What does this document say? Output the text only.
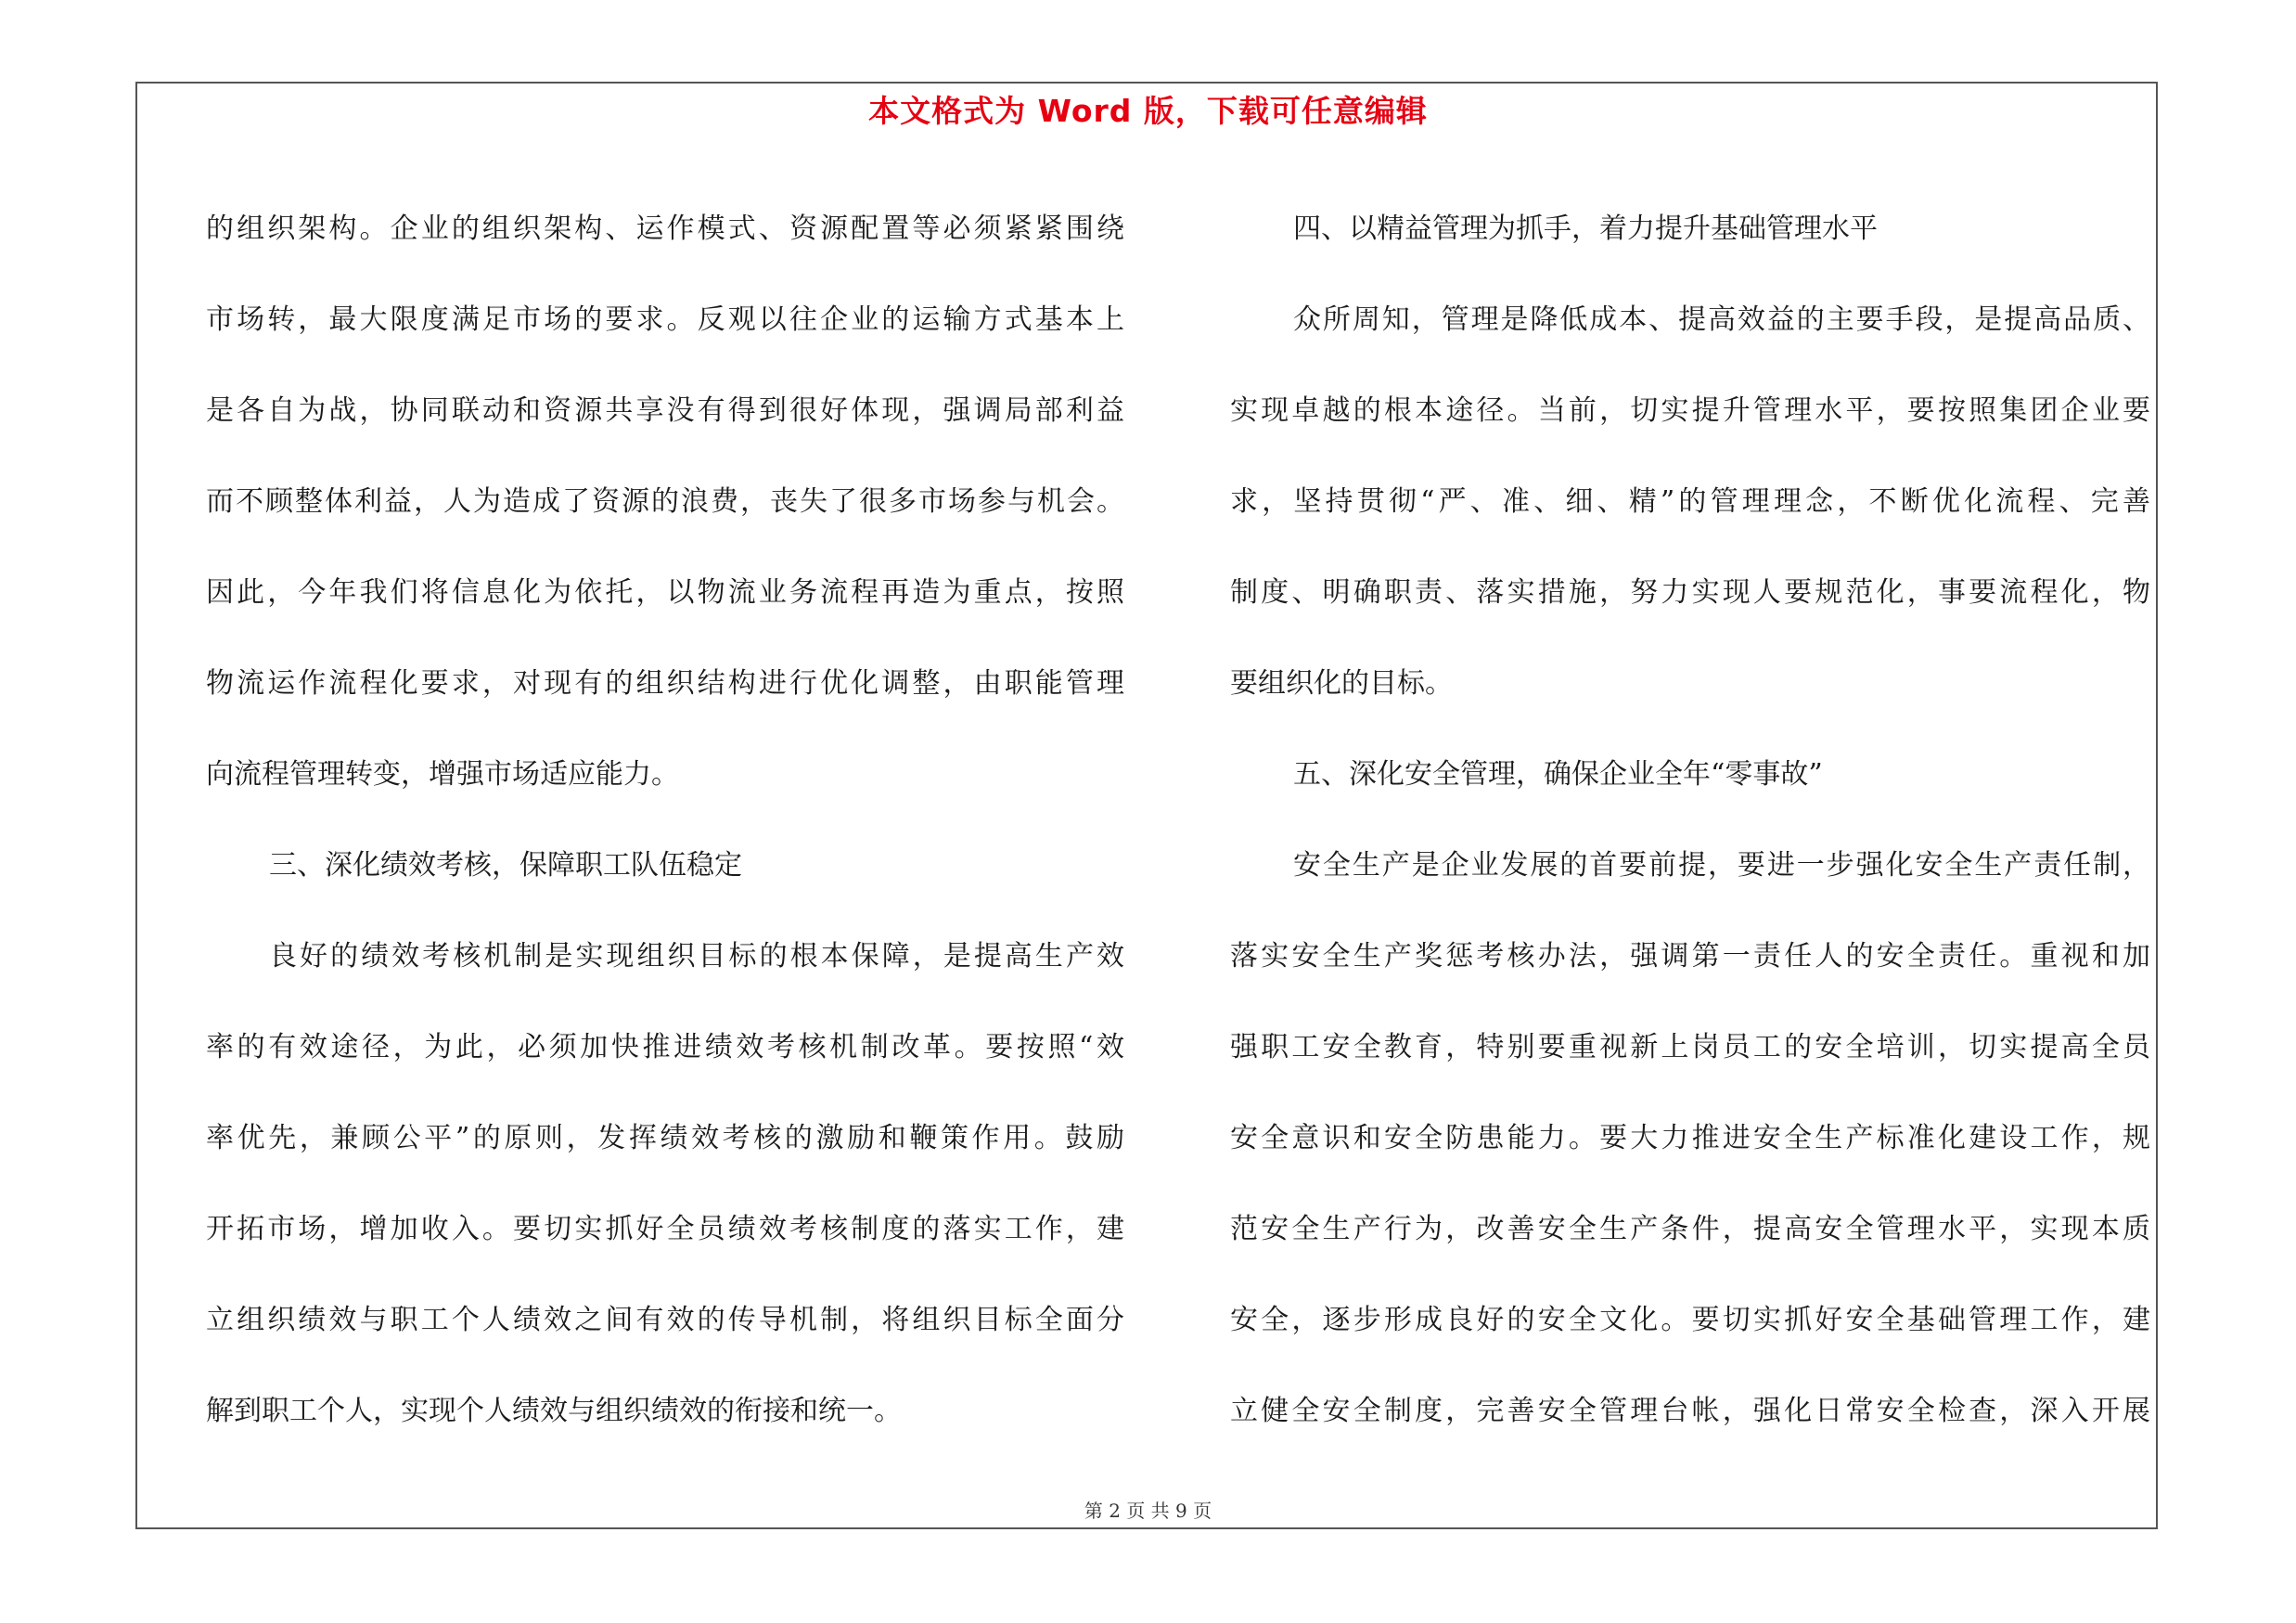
本文格式为 Word 版，下载可任意编辑
的组织架构。企业的组织架构、运作模式、资源配置等必须紧紧围绕
市场转，最大限度满足市场的要求。反观以往企业的运输方式基本上
是各自为战，协同联动和资源共享没有得到很好体现，强调局部利益
而不顾整体利益，人为造成了资源的浪费，丧失了很多市场参与机会。
因此，今年我们将信息化为依托，以物流业务流程再造为重点，按照
物流运作流程化要求，对现有的组织结构进行优化调整，由职能管理
向流程管理转变，增强市场适应能力。
三、深化绩效考核，保障职工队伍稳定
良好的绩效考核机制是实现组织目标的根本保障，是提高生产效
率的有效途径，为此，必须加快推进绩效考核机制改革。要按照“效
率优先，兼顾公平”的原则，发挥绩效考核的激励和鞭策作用。鼓励
开拓市场，增加收入。要切实抓好全员绩效考核制度的落实工作，建
立组织绩效与职工个人绩效之间有效的传导机制，将组织目标全面分
解到职工个人，实现个人绩效与组织绩效的衔接和统一。
四、以精益管理为抓手，着力提升基础管理水平
众所周知，管理是降低成本、提高效益的主要手段，是提高品质、
实现卓越的根本途径。当前，切实提升管理水平，要按照集团企业要
求，坚持贯彻“严、准、细、精”的管理理念，不断优化流程、完善
制度、明确职责、落实措施，努力实现人要规范化，事要流程化，物
要组织化的目标。
五、深化安全管理，确保企业全年“零事故”
安全生产是企业发展的首要前提，要进一步强化安全生产责任制，
落实安全生产奖惩考核办法，强调第一责任人的安全责任。重视和加
强职工安全教育，特别要重视新上岗员工的安全培训，切实提高全员
安全意识和安全防患能力。要大力推进安全生产标准化建设工作，规
范安全生产行为，改善安全生产条件，提高安全管理水平，实现本质
安全，逐步形成良好的安全文化。要切实抓好安全基础管理工作，建
立健全安全制度，完善安全管理台帐，强化日常安全检查，深入开展
第 2 页 共 9 页
